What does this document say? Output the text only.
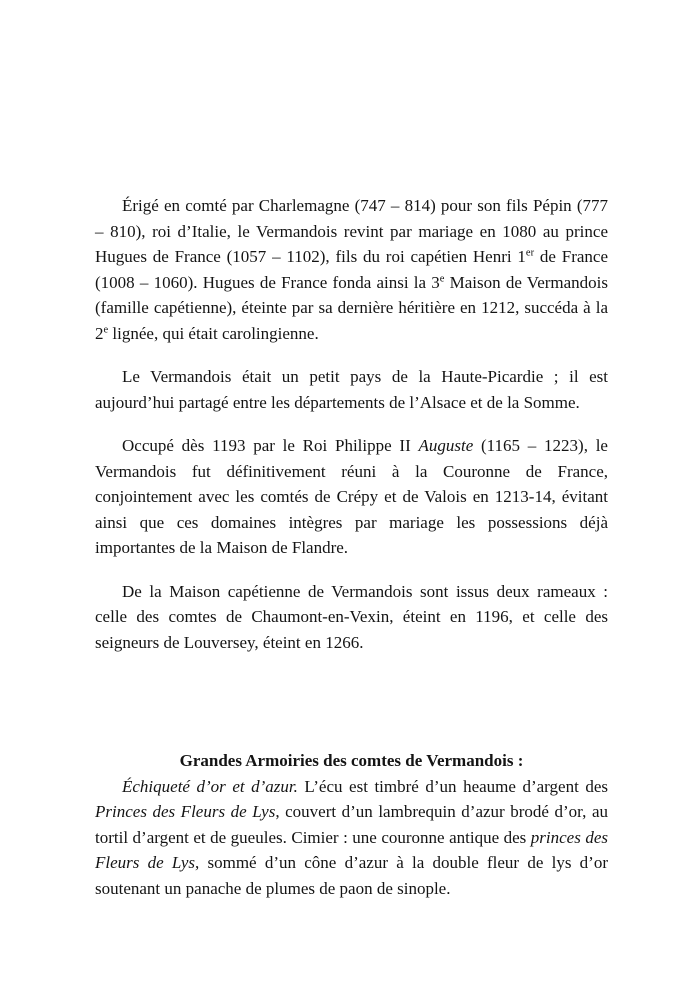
Érigé en comté par Charlemagne (747 – 814) pour son fils Pépin (777 – 810), roi d’Italie, le Vermandois revint par mariage en 1080 au prince Hugues de France (1057 – 1102), fils du roi capétien Henri 1er de France (1008 – 1060). Hugues de France fonda ainsi la 3e Maison de Vermandois (famille capétienne), éteinte par sa dernière héritière en 1212, succéda à la 2e lignée, qui était carolingienne.

Le Vermandois était un petit pays de la Haute-Picardie ; il est aujourd’hui partagé entre les départements de l’Alsace et de la Somme.

Occupé dès 1193 par le Roi Philippe II Auguste (1165 – 1223), le Vermandois fut définitivement réuni à la Couronne de France, conjointement avec les comtés de Crépy et de Valois en 1213-14, évitant ainsi que ces domaines intègres par mariage les possessions déjà importantes de la Maison de Flandre.

De la Maison capétienne de Vermandois sont issus deux rameaux : celle des comtes de Chaumont-en-Vexin, éteint en 1196, et celle des seigneurs de Louversey, éteint en 1266.

Grandes Armoiries des comtes de Vermandois :

Échiqueté d’or et d’azur. L’écu est timbré d’un heaume d’argent des Princes des Fleurs de Lys, couvert d’un lambrequin d’azur brodé d’or, au tortil d’argent et de gueules. Cimier : une couronne antique des princes des Fleurs de Lys, sommé d’un cône d’azur à la double fleur de lys d’or soutenant un panache de plumes de paon de sinople.
